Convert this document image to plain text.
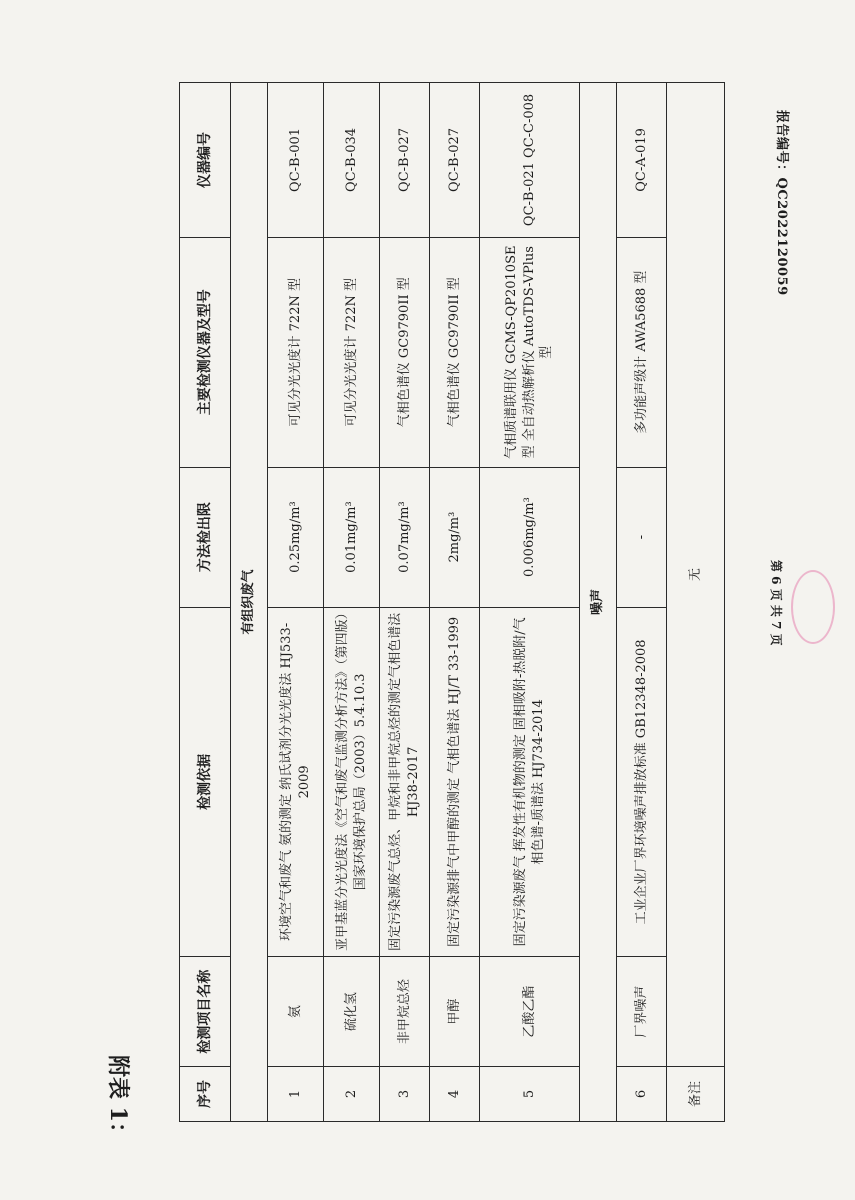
报告编号：QC2022120059
第 6 页 共 7 页
附表 1：	序号	检测项目名称	检测依据	方法检出限	主要检测仪器及型号	仪器编号
有组织废气					
1	氨	环境空气和废气 氨的测定 纳氏试剂分光光度法 HJ533-2009	0.25mg/m³	可见分光光度计 722N 型	QC-B-001
2	硫化氢	亚甲基蓝分光光度法《空气和废气监测分析方法》（第四版）国家环境保护总局（2003）5.4.10.3	0.01mg/m³	可见分光光度计 722N 型	QC-B-034
3	非甲烷总烃	固定污染源废气总烃、甲烷和非甲烷总烃的测定气相色谱法 HJ38-2017	0.07mg/m³	气相色谱仪 GC9790II 型	QC-B-027
4	甲醇	固定污染源排气中甲醇的测定 气相色谱法 HJ/T 33-1999	2mg/m³	气相色谱仪 GC9790II 型	QC-B-027
5	乙酸乙酯	固定污染源废气 挥发性有机物的测定 固相吸附-热脱附/气相色谱-质谱法 HJ734-2014	0.006mg/m³	气相质谱联用仪 GCMS-QP2010SE 型 全自动热解析仪 AutoTDS-VPlus 型	QC-B-021 QC-C-008
噪声					
6	厂界噪声	工业企业厂界环境噪声排放标准 GB12348-2008	-	多功能声级计 AWA5688 型	QC-A-019
备注	无				
